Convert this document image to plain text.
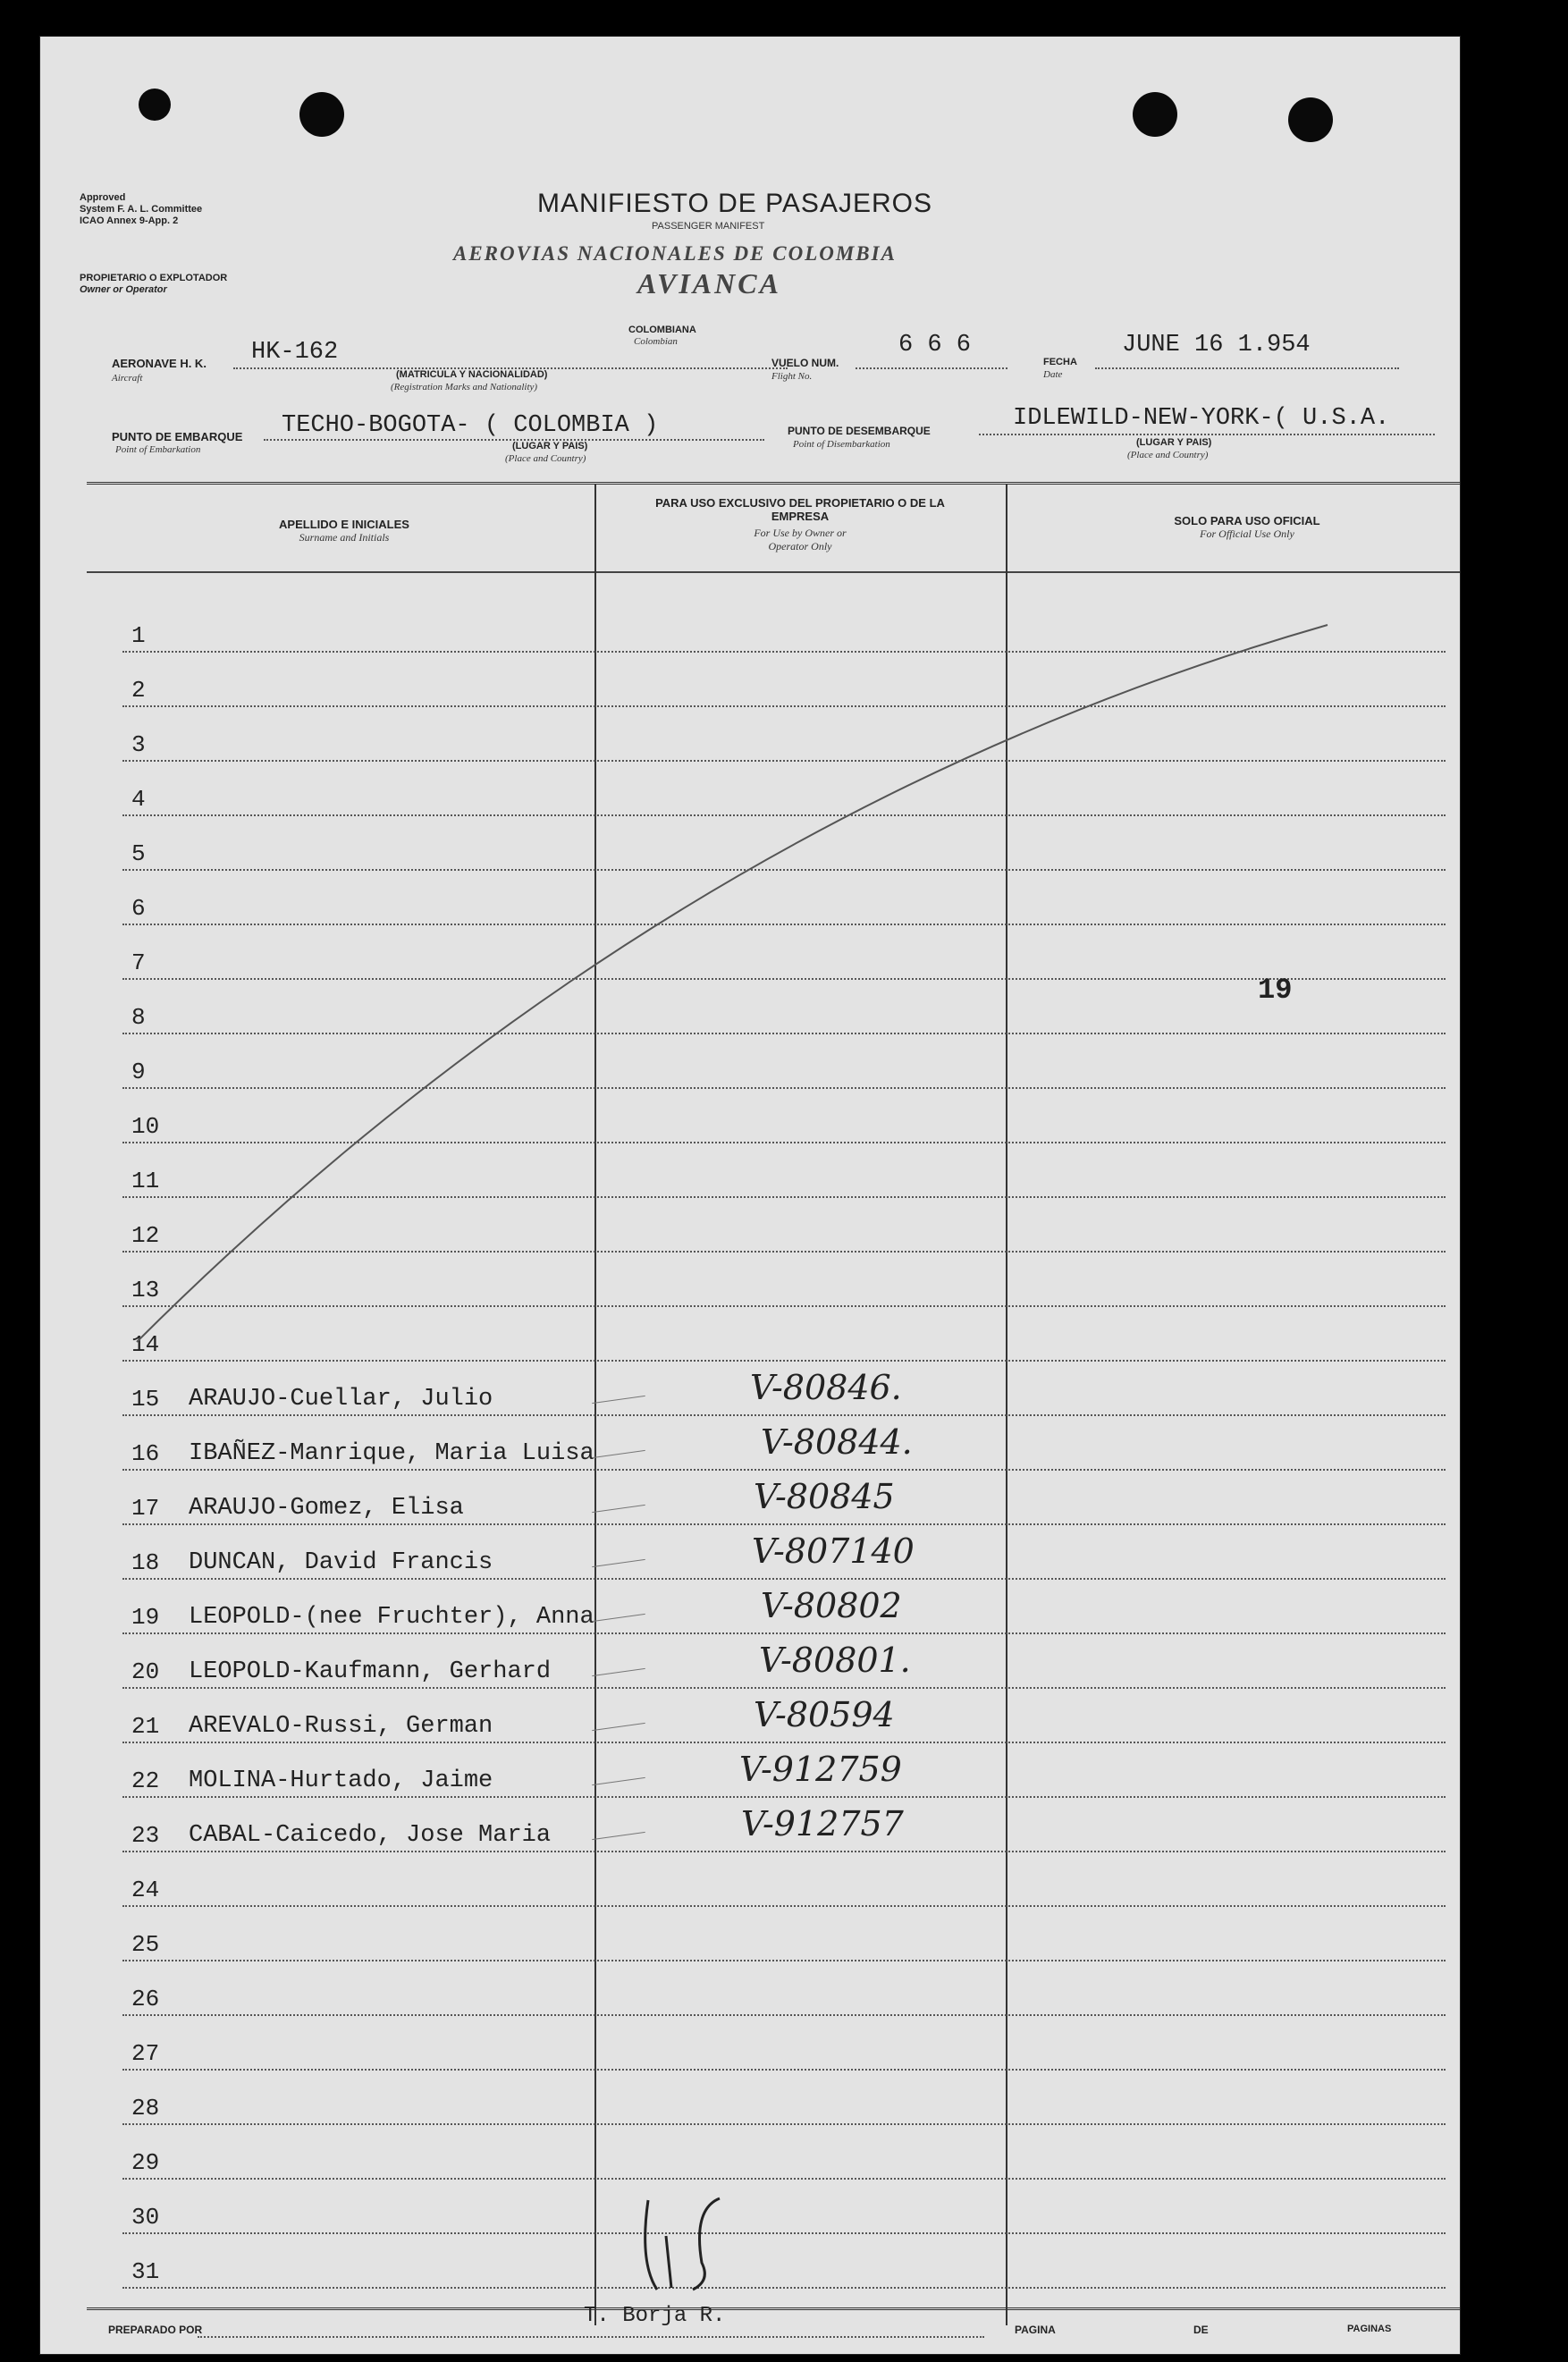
Approved
System F. A. L. Committee
ICAO Annex 9-App. 2
MANIFIESTO DE PASAJEROS
PASSENGER MANIFEST
AEROVIAS NACIONALES DE COLOMBIA
AVIANCA
PROPIETARIO O EXPLOTADOR
Owner or Operator
AERONAVE H. K.
Aircraft
HK-162
COLOMBIANA
Colombian
(MATRICULA Y NACIONALIDAD)
(Registration Marks and Nationality)
VUELO NUM.
Flight No.
6 6 6
FECHA
Date
JUNE 16 1.954
PUNTO DE EMBARQUE
Point of Embarkation
TECHO-BOGOTA- ( COLOMBIA )
(LUGAR Y PAIS)
(Place and Country)
PUNTO DE DESEMBARQUE
Point of Disembarkation
IDLEWILD-NEW-YORK-( U.S.A.
(LUGAR Y PAIS)
(Place and Country)
APELLIDO E INICIALES
Surname and Initials
PARA USO EXCLUSIVO DEL PROPIETARIO O DE LA EMPRESA
For Use by Owner or Operator Only
SOLO PARA USO OFICIAL
For Official Use Only
1
2
3
4
5
6
7
8
9
10
11
12
13
14
15 ARAUJO-Cuellar, Julio	V-80846.
16 IBAÑEZ-Manrique, Maria Luisa	V-80844.
17 ARAUJO-Gomez, Elisa	V-80845
18 DUNCAN, David Francis	V-807140
19 LEOPOLD-(nee Fruchter), Anna	V-80802
20 LEOPOLD-Kaufmann, Gerhard	V-80801.
21 AREVALO-Russi, German	V-80594
22 MOLINA-Hurtado, Jaime	V-912759
23 CABAL-Caicedo, Jose Maria	V-912757
24
25
26
27
28
29
30
31
19
PREPARADO POR
T. Borja R.
PAGINA	DE	PAGINAS
